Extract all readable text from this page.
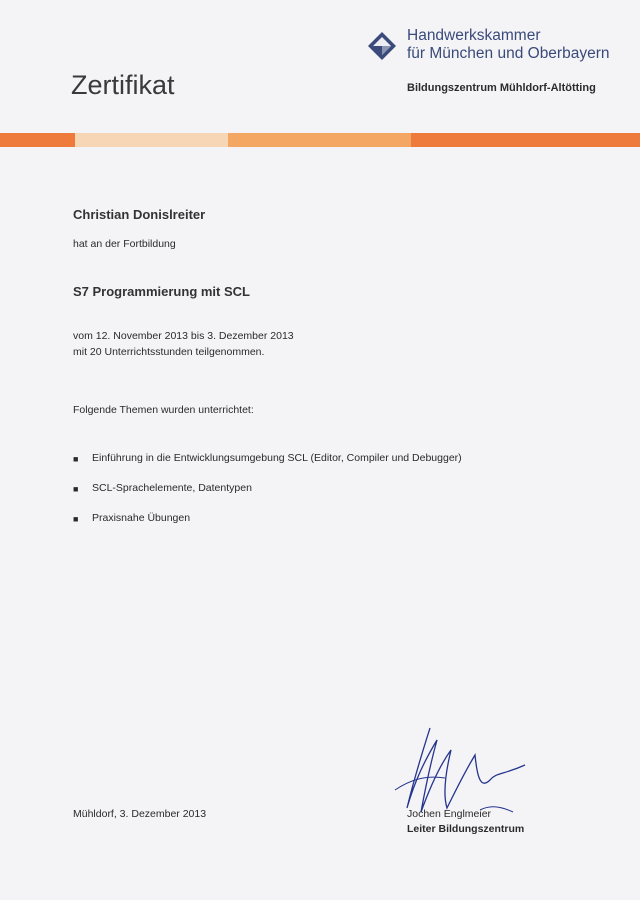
Zertifikat
Handwerkskammer
für München und Oberbayern
Bildungszentrum Mühldorf-Altötting
Christian Donislreiter
hat an der Fortbildung
S7 Programmierung mit SCL
vom 12. November 2013 bis 3. Dezember 2013
mit 20 Unterrichtsstunden teilgenommen.
Folgende Themen wurden unterrichtet:
■	Einführung in die Entwicklungsumgebung SCL (Editor, Compiler und Debugger)
■	SCL-Sprachelemente, Datentypen
■	Praxisnahe Übungen
Mühldorf, 3. Dezember 2013	Jochen Englmeier
Leiter Bildungszentrum
